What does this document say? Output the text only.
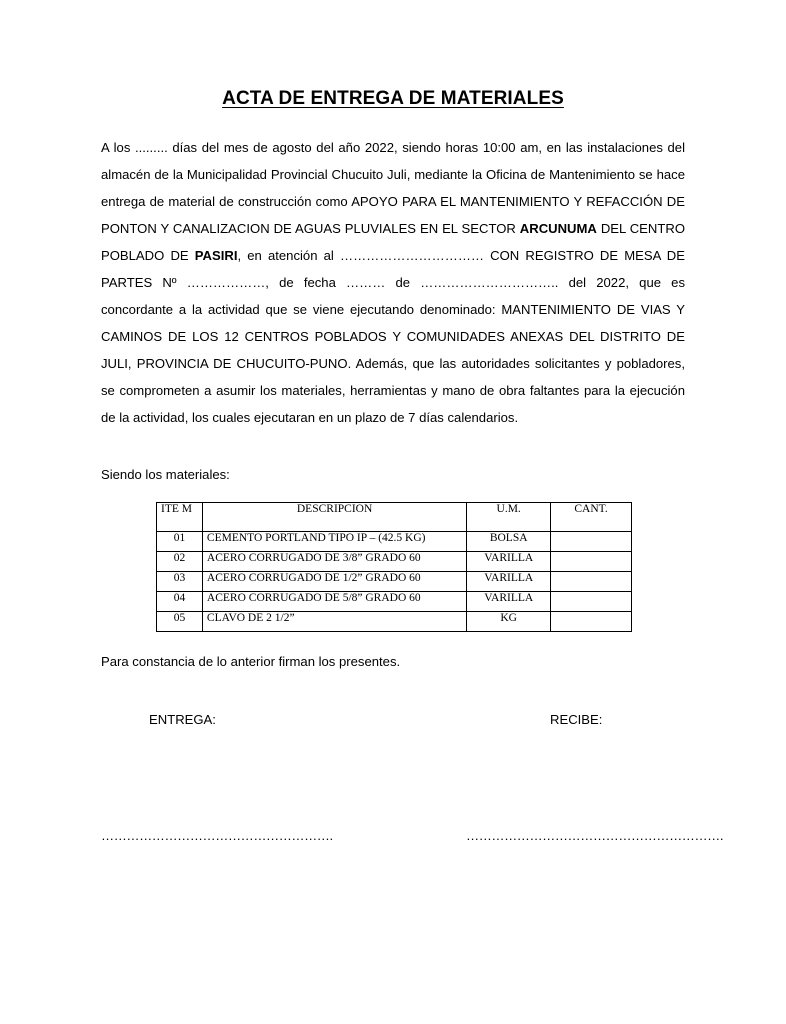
ACTA DE ENTREGA DE MATERIALES
A los ......... días del mes de agosto del año 2022, siendo horas 10:00 am, en las instalaciones del almacén de la Municipalidad Provincial Chucuito Juli, mediante la Oficina de Mantenimiento se hace entrega de material de construcción como APOYO PARA EL MANTENIMIENTO Y REFACCIÓN DE PONTON Y CANALIZACION DE AGUAS PLUVIALES EN EL SECTOR ARCUNUMA DEL CENTRO POBLADO DE PASIRI, en atención al …………………………… CON REGISTRO DE MESA DE PARTES Nº ………………, de fecha ……… de ………………………….. del 2022, que es concordante a la actividad que se viene ejecutando denominado: MANTENIMIENTO DE VIAS Y CAMINOS DE LOS 12 CENTROS POBLADOS Y COMUNIDADES ANEXAS DEL DISTRITO DE JULI, PROVINCIA DE CHUCUITO-PUNO. Además, que las autoridades solicitantes y pobladores, se comprometen a asumir los materiales, herramientas y mano de obra faltantes para la ejecución de la actividad, los cuales ejecutaran en un plazo de 7 días calendarios.
Siendo los materiales:
ITE M	DESCRIPCION	U.M.	CANT.
01	CEMENTO PORTLAND TIPO IP – (42.5 KG)	BOLSA	
02	ACERO CORRUGADO DE 3/8” GRADO 60	VARILLA	
03	ACERO CORRUGADO DE 1/2” GRADO 60	VARILLA	
04	ACERO CORRUGADO DE 5/8” GRADO 60	VARILLA	
05	CLAVO DE 2 1/2”	KG	
Para constancia de lo anterior firman los presentes.
ENTREGA:	RECIBE:
……………………………………………….	…………………………………………………….
